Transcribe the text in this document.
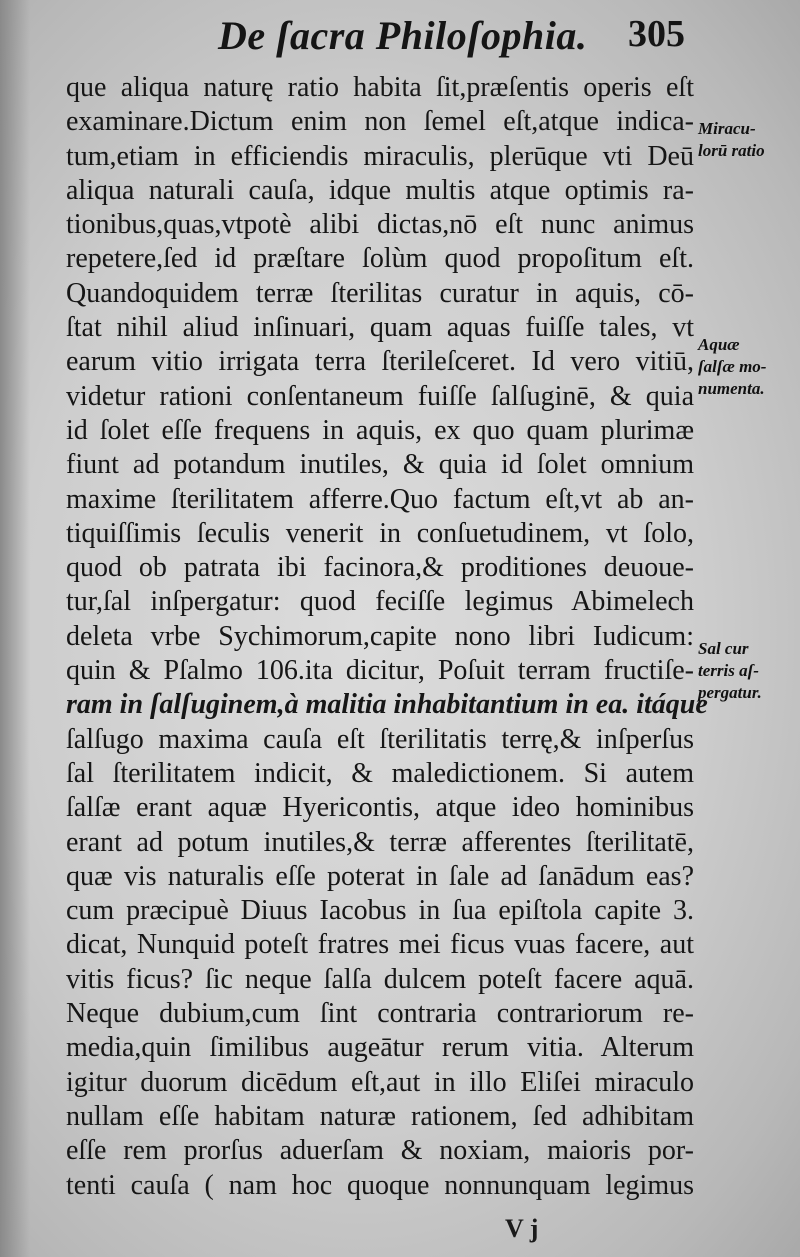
De ſacra Philoſophia. 305
que aliqua naturę ratio habita ſit,præſentis operis eſt
examinare.Dictum enim non ſemel eſt,atque indica-
tum,etiam in efficiendis miraculis, plerūque vti Deū
aliqua naturali cauſa, idque multis atque optimis ra-
tionibus,quas,vtpotè alibi dictas,nō eſt nunc animus
repetere,ſed id præſtare ſolùm quod propoſitum eſt.
Quandoquidem terræ ſterilitas curatur in aquis, cō-
ſtat nihil aliud inſinuari, quam aquas fuiſſe tales, vt
earum vitio irrigata terra ſterileſceret. Id vero vitiū,
videtur rationi conſentaneum fuiſſe ſalſuginē, & quia
id ſolet eſſe frequens in aquis, ex quo quam plurimæ
fiunt ad potandum inutiles, & quia id ſolet omnium
maxime ſterilitatem afferre.Quo factum eſt,vt ab an-
tiquiſſimis ſeculis venerit in conſuetudinem, vt ſolo,
quod ob patrata ibi facinora,& proditiones deuoue-
tur,ſal inſpergatur: quod feciſſe legimus Abimelech
deleta vrbe Sychimorum,capite nono libri Iudicum:
quin & Pſalmo 106.ita dicitur, Poſuit terram fructiſe-
ram in ſalſuginem,à malitia inhabitantium in ea. itáque
ſalſugo maxima cauſa eſt ſterilitatis terrę,& inſperſus
ſal ſterilitatem indicit, & maledictionem. Si autem
ſalſæ erant aquæ Hyericontis, atque ideo hominibus
erant ad potum inutiles,& terræ afferentes ſterilitatē,
quæ vis naturalis eſſe poterat in ſale ad ſanādum eas?
cum præcipuè Diuus Iacobus in ſua epiſtola capite 3.
dicat, Nunquid poteſt fratres mei ficus vuas facere, aut
vitis ficus? ſic neque ſalſa dulcem poteſt facere aquā.
Neque dubium,cum ſint contraria contrariorum re-
media,quin ſimilibus augeātur rerum vitia. Alterum
igitur duorum dicēdum eſt,aut in illo Eliſei miraculo
nullam eſſe habitam naturæ rationem, ſed adhibitam
eſſe rem prorſus aduerſam & noxiam, maioris por-
tenti cauſa ( nam hoc quoque nonnunquam legimus
Miracu-
lorū ratio
Aquæ
ſalſæ mo-
numenta.
Sal cur
terris aſ-
pergatur.
V j
